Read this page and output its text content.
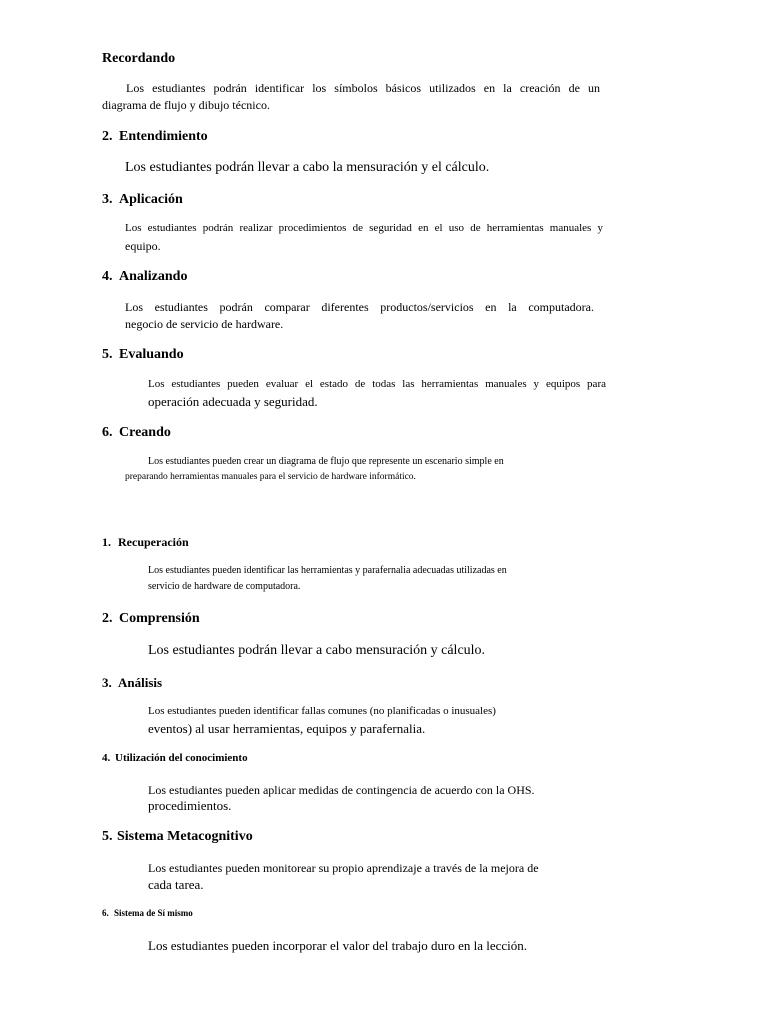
Recordando
Los estudiantes podrán identificar los símbolos básicos utilizados en la creación de un
diagrama de flujo y dibujo técnico.
2. Entendimiento
Los estudiantes podrán llevar a cabo la mensuración y el cálculo.
3. Aplicación
Los estudiantes podrán realizar procedimientos de seguridad en el uso de herramientas manuales y
equipo.
4. Analizando
Los estudiantes podrán comparar diferentes productos/servicios en la computadora.
negocio de servicio de hardware.
5. Evaluando
Los estudiantes pueden evaluar el estado de todas las herramientas manuales y equipos para
operación adecuada y seguridad.
6. Creando
Los estudiantes pueden crear un diagrama de flujo que represente un escenario simple en
preparando herramientas manuales para el servicio de hardware informático.
1. Recuperación
Los estudiantes pueden identificar las herramientas y parafernalia adecuadas utilizadas en
servicio de hardware de computadora.
2. Comprensión
Los estudiantes podrán llevar a cabo mensuración y cálculo.
3. Análisis
Los estudiantes pueden identificar fallas comunes (no planificadas o inusuales)
eventos) al usar herramientas, equipos y parafernalia.
4. Utilización del conocimiento
Los estudiantes pueden aplicar medidas de contingencia de acuerdo con la OHS.
procedimientos.
5. Sistema Metacognitivo
Los estudiantes pueden monitorear su propio aprendizaje a través de la mejora de
cada tarea.
6. Sistema de Sí mismo
Los estudiantes pueden incorporar el valor del trabajo duro en la lección.
